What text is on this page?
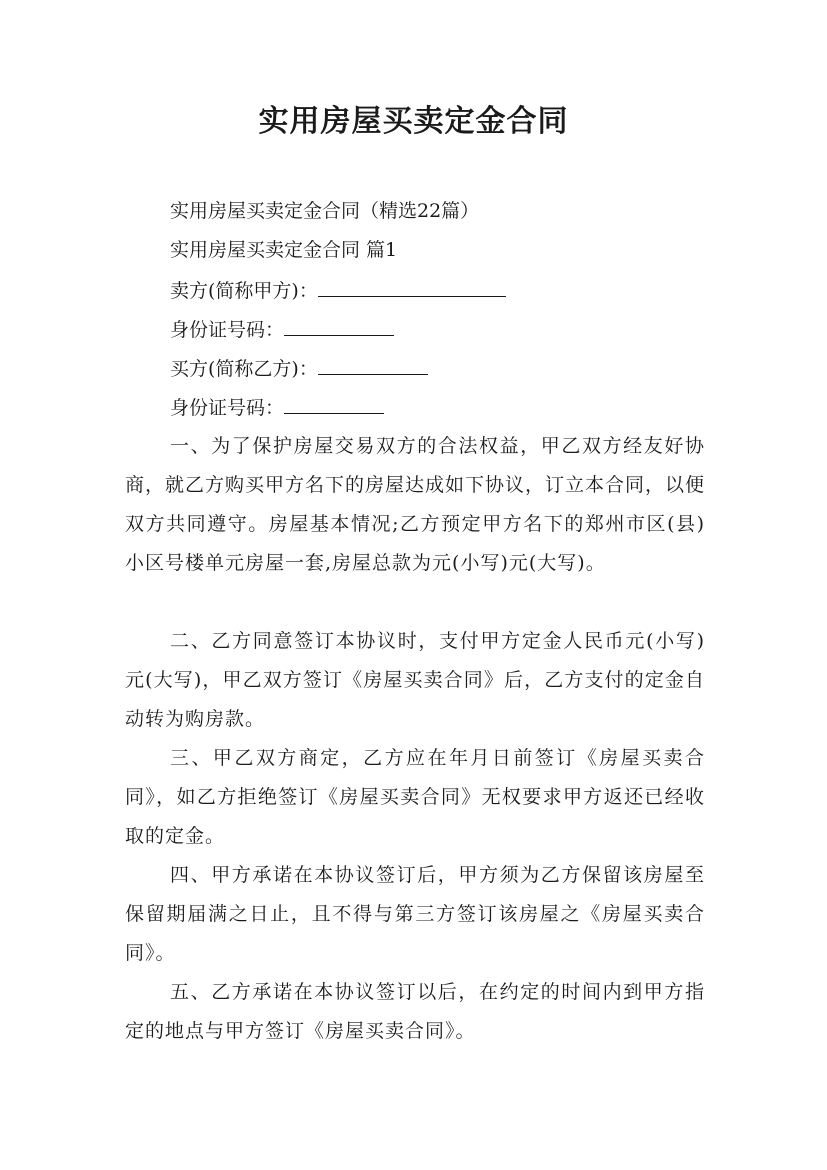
实用房屋买卖定金合同
实用房屋买卖定金合同（精选22篇）
实用房屋买卖定金合同 篇1
卖方(简称甲方)：
身份证号码：
买方(简称乙方)：
身份证号码：
一、为了保护房屋交易双方的合法权益，甲乙双方经友好协商，就乙方购买甲方名下的房屋达成如下协议，订立本合同，以便双方共同遵守。房屋基本情况;乙方预定甲方名下的郑州市区(县)小区号楼单元房屋一套,房屋总款为元(小写)元(大写)。
二、乙方同意签订本协议时，支付甲方定金人民币元(小写)元(大写)，甲乙双方签订《房屋买卖合同》后，乙方支付的定金自动转为购房款。
三、甲乙双方商定，乙方应在年月日前签订《房屋买卖合同》，如乙方拒绝签订《房屋买卖合同》无权要求甲方返还已经收取的定金。
四、甲方承诺在本协议签订后，甲方须为乙方保留该房屋至保留期届满之日止，且不得与第三方签订该房屋之《房屋买卖合同》。
五、乙方承诺在本协议签订以后，在约定的时间内到甲方指定的地点与甲方签订《房屋买卖合同》。
